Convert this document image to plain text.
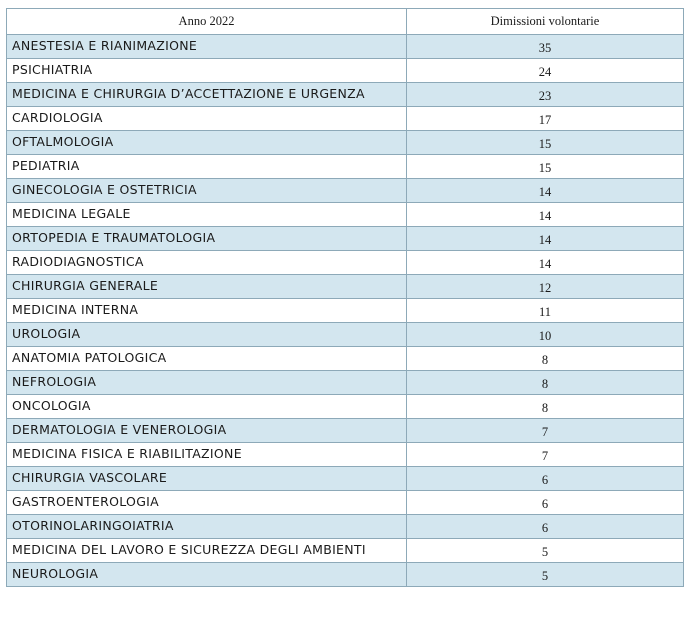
Anno 2022	Dimissioni volontarie
ANESTESIA E RIANIMAZIONE	35
PSICHIATRIA	24
MEDICINA E CHIRURGIA D’ACCETTAZIONE E URGENZA	23
CARDIOLOGIA	17
OFTALMOLOGIA	15
PEDIATRIA	15
GINECOLOGIA E OSTETRICIA	14
MEDICINA LEGALE	14
ORTOPEDIA E TRAUMATOLOGIA	14
RADIODIAGNOSTICA	14
CHIRURGIA GENERALE	12
MEDICINA INTERNA	11
UROLOGIA	10
ANATOMIA PATOLOGICA	8
NEFROLOGIA	8
ONCOLOGIA	8
DERMATOLOGIA E VENEROLOGIA	7
MEDICINA FISICA E RIABILITAZIONE	7
CHIRURGIA VASCOLARE	6
GASTROENTEROLOGIA	6
OTORINOLARINGOIATRIA	6
MEDICINA DEL LAVORO E SICUREZZA DEGLI AMBIENTI	5
NEUROLOGIA	5
